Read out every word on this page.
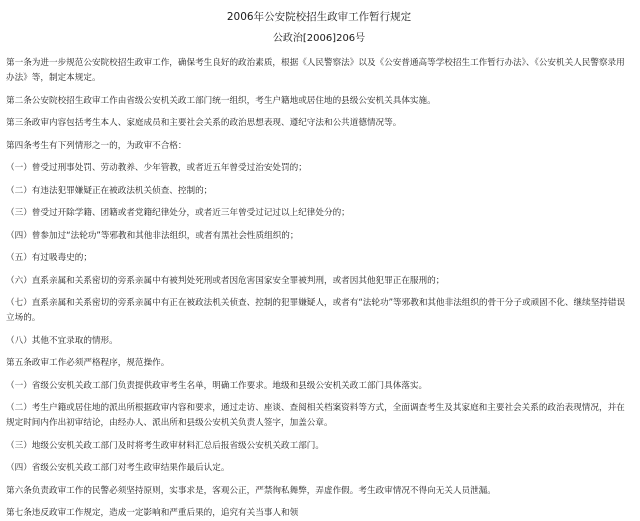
2006年公安院校招生政审工作暂行规定
公政治[2006]206号
第一条为进一步规范公安院校招生政审工作，确保考生良好的政治素质，根据《人民警察法》以及《公安普通高等学校招生工作暂行办法》、《公安机关人民警察录用办法》等，制定本规定。
第二条公安院校招生政审工作由省级公安机关政工部门统一组织，考生户籍地或居住地的县级公安机关具体实施。
第三条政审内容包括考生本人、家庭成员和主要社会关系的政治思想表现、遵纪守法和公共道德情况等。
第四条考生有下列情形之一的，为政审不合格：
（一）曾受过刑事处罚、劳动教养、少年管教，或者近五年曾受过治安处罚的；
（二）有违法犯罪嫌疑正在被政法机关侦查、控制的；
（三）曾受过开除学籍、团籍或者党籍纪律处分，或者近三年曾受过记过以上纪律处分的；
（四）曾参加过“法轮功”等邪教和其他非法组织，或者有黑社会性质组织的；
（五）有过吸毒史的；
（六）直系亲属和关系密切的旁系亲属中有被判处死刑或者因危害国家安全罪被判刑，或者因其他犯罪正在服刑的；
（七）直系亲属和关系密切的旁系亲属中有正在被政法机关侦查、控制的犯罪嫌疑人，或者有“法轮功”等邪教和其他非法组织的骨干分子或顽固不化、继续坚持错误立场的。
（八）其他不宜录取的情形。
第五条政审工作必须严格程序，规范操作。
（一）省级公安机关政工部门负责提供政审考生名单，明确工作要求。地级和县级公安机关政工部门具体落实。
（二）考生户籍或居住地的派出所根据政审内容和要求，通过走访、座谈、查阅相关档案资料等方式，全面调查考生及其家庭和主要社会关系的政治表现情况，并在规定时间内作出初审结论，由经办人、派出所和县级公安机关负责人签字，加盖公章。
（三）地级公安机关政工部门及时将考生政审材料汇总后报省级公安机关政工部门。
（四）省级公安机关政工部门对考生政审结果作最后认定。
第六条负责政审工作的民警必须坚持原则，实事求是，客观公正，严禁徇私舞弊，弄虚作假。考生政审情况不得向无关人员泄漏。
第七条违反政审工作规定，造成一定影响和严重后果的，追究有关当事人和领
